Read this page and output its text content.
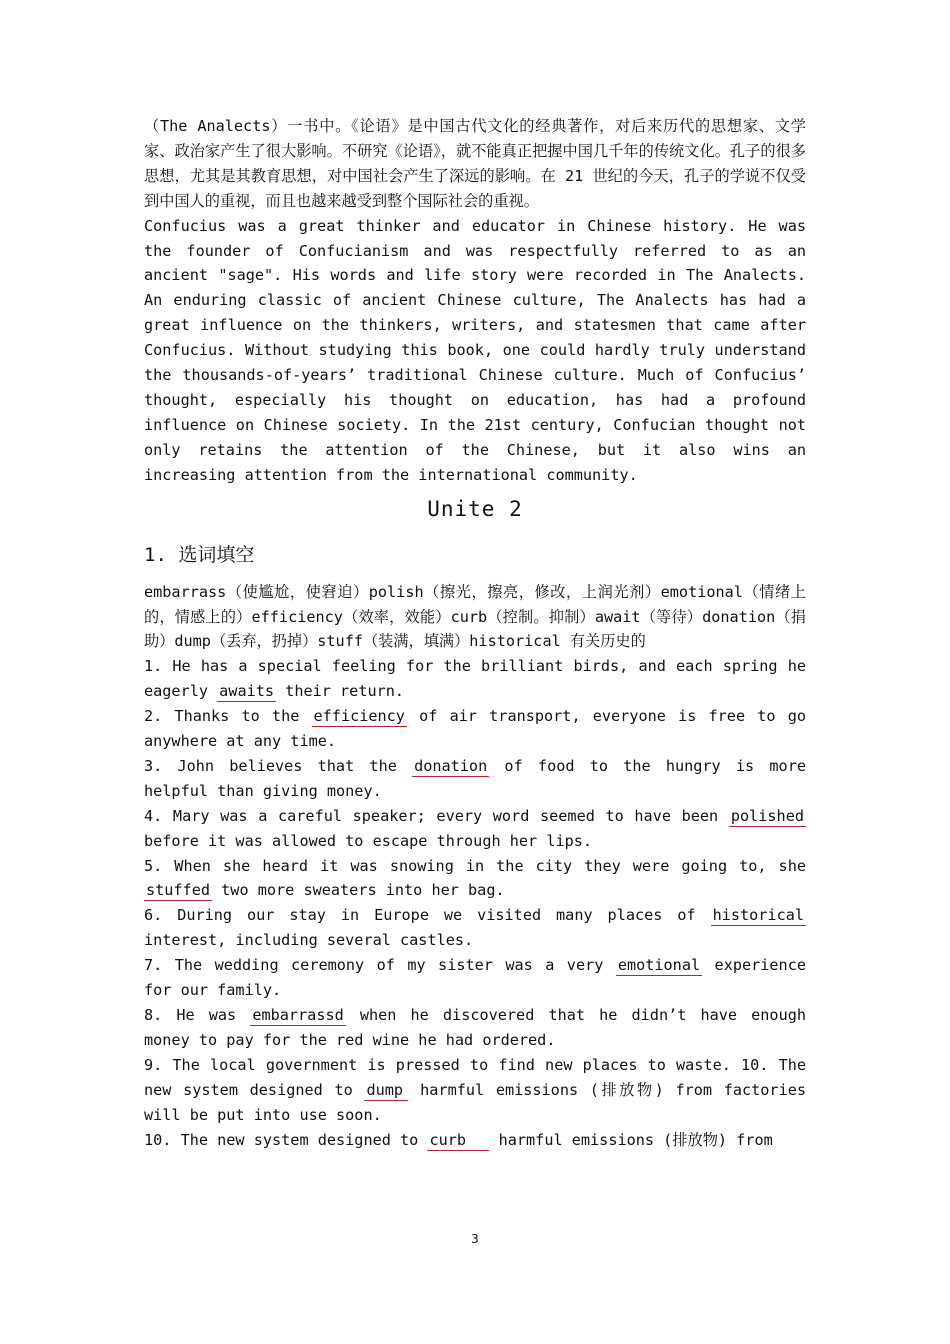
（The Analects）一书中。《论语》是中国古代文化的经典著作，对后来历代的思想家、文学家、政治家产生了很大影响。不研究《论语》，就不能真正把握中国几千年的传统文化。孔子的很多思想，尤其是其教育思想，对中国社会产生了深远的影响。在 21 世纪的今天，孔子的学说不仅受到中国人的重视，而且也越来越受到整个国际社会的重视。

Confucius was a great thinker and educator in Chinese history. He was the founder of Confucianism and was respectfully referred to as an ancient "sage". His words and life story were recorded in The Analects. An enduring classic of ancient Chinese culture, The Analects has had a great influence on the thinkers, writers, and statesmen that came after Confucius. Without studying this book, one could hardly truly understand the thousands-of-years’ traditional Chinese culture. Much of Confucius’ thought, especially his thought on education, has had a profound influence on Chinese society. In the 21st century, Confucian thought not only retains the attention of the Chinese, but it also wins an increasing attention from the international community.

Unite 2
1. 选词填空

embarrass（使尴尬，使窘迫）polish（擦光，擦亮，修改，上润光剂）emotional（情绪上的，情感上的）efficiency（效率，效能）curb（控制。抑制）await（等待）donation（捐助）dump（丢弃，扔掉）stuff（装满，填满）historical 有关历史的

1. He has a special feeling for the brilliant birds, and each spring he eagerly awaits their return.

2. Thanks to the efficiency of air transport, everyone is free to go anywhere at any time.

3. John believes that the donation of food to the hungry is more helpful than giving money.

4. Mary was a careful speaker; every word seemed to have been polished before it was allowed to escape through her lips.

5. When she heard it was snowing in the city they were going to, she stuffed two more sweaters into her bag.

6. During our stay in Europe we visited many places of historical interest, including several castles.

7. The wedding ceremony of my sister was a very emotional experience for our family.

8. He was embarrassd when he discovered that he didn’t have enough money to pay for the red wine he had ordered.

9. The local government is pressed to find new places to waste. 10. The new system designed to dump harmful emissions (排放物) from factories will be put into use soon.

10. The new system designed to curb harmful emissions (排放物) from

3
